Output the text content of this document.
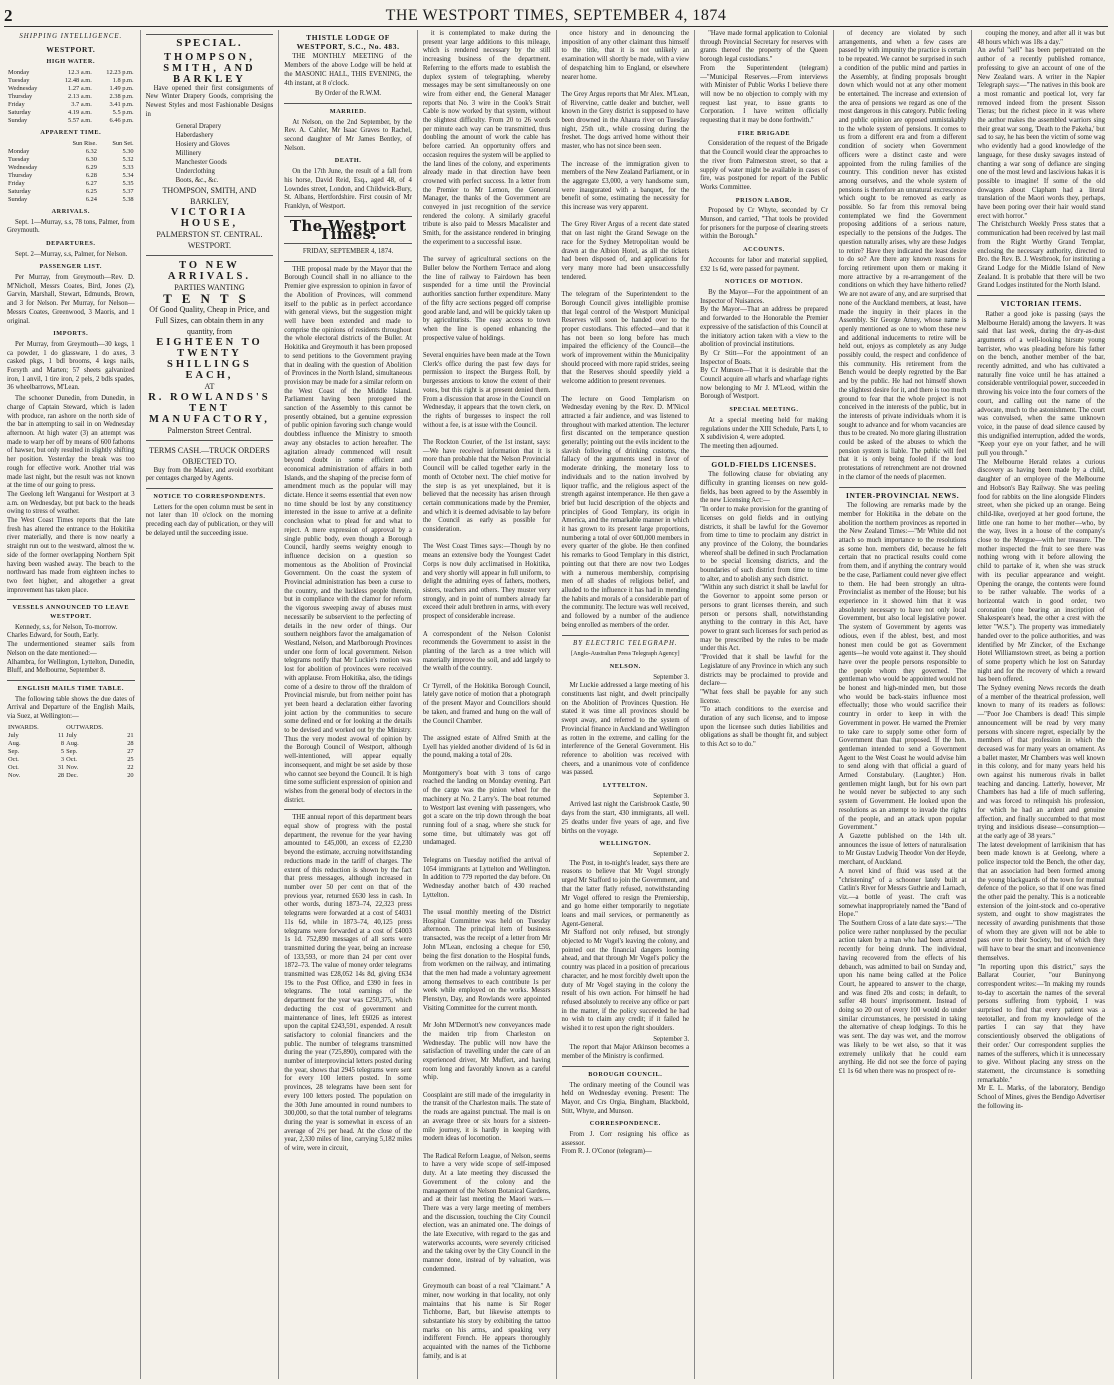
2	THE WESTPORT TIMES, SEPTEMBER 4, 1874
SHIPPING INTELLIGENCE.
WESTPORT.
HIGH WATER.
Monday	12.3 a.m.	12.23 p.m.
Tuesday	12.48 a.m.	1.8 p.m.
Wednesday	1.27 a.m.	1.49 p.m.
Thursday	2.13 a.m.	2.38 p.m.
Friday	3.7 a.m.	3.41 p.m.
Saturday	4.19 a.m.	5.5 p.m.
Sunday	5.57 a.m.	6.46 p.m.
APPARENT TIME.
	Sun Rise.	Sun Set.
Monday	6.32	5.30
Tuesday	6.30	5.32
Wednesday	6.29	5.33
Thursday	6.28	5.34
Friday	6.27	5.35
Saturday	6.25	5.37
Sunday	6.24	5.38
ARRIVALS.

Sept. 1—Murray, s.s, 78 tons, Palmer, from Greymouth.

DEPARTURES.

Sept. 2—Murray, s.s, Palmer, for Nelson.

PASSENGER LIST.

Per Murray, from Greymouth—Rev. D. M'Nicholl, Messrs Coates, Bird, Jones (2), Garvin, Marshall, Stewart, Edmunds, Brown, and 3 for Nelson. Per Murray, for Nelson—Messrs Coates, Greenwood, 3 Maoris, and 1 original.

IMPORTS.

Per Murray, from Greymouth—30 kegs, 1 ca powder, 1 do glassware, 1 do axes, 3 casked pkgs, 1 bdl brooms, 4 kegs nails, Forsyth and Marten; 57 sheets galvanized iron, 1 anvil, 1 tire iron, 2 pels, 2 bdls spades, 36 wheelbarrows, M'Lean.

The schooner Dunedin, from Dunedin, in charge of Captain Steward, which is laden with produce, ran ashore on the north side of the bar in attempting to sail in on Wednesday afternoon. At high water (3) an attempt was made to warp her off by means of 600 fathoms of hawser, but only resulted in slightly shifting her position. Yesterday the break was too rough for effective work. Another trial was made last night, but the result was not known at the time of our going to press.
The Geelong left Wanganui for Westport at 3 a.m. on Wednesday, but put back to the heads owing to stress of weather.
The West Coast Times reports that the late fresh has altered the entrance to the Hokitika river materially, and there is now nearly a straight run out to the westward, almost the w. side of the former overlapping Northern Spit having been washed away. The beach to the northward has made from eighteen inches to two feet higher, and altogether a great improvement has taken place.

VESSELS ANNOUNCED TO LEAVE WESTPORT.

Kennedy, s.s, for Nelson, To-morrow.
Charles Edward, for South, Early.
The undermentioned steamer sails from Nelson on the date mentioned:—
Alhambra, for Wellington, Lyttelton, Dunedin, Bluff, and Melbourne, September 8.

ENGLISH MAILS TIME TABLE.

The following table shows the due dates of Arrival and Departure of the English Mails, via Suez, at Wellington:—

INWARDS.		OUTWARDS.	
July	11	July	21
Aug.	8	Aug.	28
Sep.	5	Sep.	27
Oct.	3	Oct.	25
Oct.	31	Nov.	22
Nov.	28	Dec.	20
SPECIAL.
THOMPSON, SMITH, AND
BARKLEY

Have opened their first consignments of New Winter Drapery Goods, comprising the Newest Styles and most Fashionable Designs in

General Drapery
Haberdashery
Hosiery and Gloves
Millinery
Manchester Goods
Underclothing
Boots, &c., &c.
THOMPSON, SMITH, AND
BARKLEY,
VICTORIA HOUSE,
PALMERSTON ST. CENTRAL.
WESTPORT.
TO NEW ARRIVALS.
PARTIES WANTING
TENTS
Of Good Quality, Cheap in Price, and Full Sizes, can obtain them in any quantity, from
EIGHTEEN TO TWENTY
SHILLINGS EACH,
AT
R. ROWLANDS'S
TENT MANUFACTORY,
Palmerston Street Central.
TERMS CASH.—TRUCK ORDERS
OBJECTED TO.

Buy from the Maker, and avoid exorbitant per centages charged by Agents.

NOTICE TO CORRESPONDENTS.

Letters for the open column must be sent in not later than 10 o'clock on the morning preceding each day of publication, or they will be delayed until the succeeding issue.

THISTLE LODGE OF WESTPORT, S.C., No. 483.

THE MONTHLY MEETING of the Members of the above Lodge will be held at the MASONIC HALL, THIS EVENING, the 4th instant, at 8 o'clock.

By Order of the R.W.M.
MARRIED.

At Nelson, on the 2nd September, by the Rev. A. Cahler, Mr Isaac Graves to Rachel, second daughter of Mr James Bentley, of Nelson.

DEATH.

On the 17th June, the result of a fall from his horse, David Reid, Esq., aged 48, of 4 Lowndes street, London, and Childwick-Bury, St. Albans, Hertfordshire. First cousin of Mr Franklyn, of Westport.

The Westport Times.
FRIDAY, SEPTEMBER 4, 1874.

THE proposal made by the Mayor that the Borough Council shall in no alliance to the Premier give expression to opinion in favor of the Abolition of Provinces, will commend itself to the public as in perfect accordance with general views, but the suggestion might well have been extended and made to comprise the opinions of residents throughout the whole electoral districts of the Buller. At Hokitika and Greymouth it has been proposed to send petitions to the Government praying that in dealing with the question of Abolition of Provinces in the North Island, simultaneous provision may be made for a similar reform on the West Coast of the Middle Island. Parliament having been prorogued the sanction of the Assembly to this cannot be presently obtained, but a genuine expression of public opinion favoring such change would doubtless influence the Ministry to smooth away any obstacles to action hereafter. The agitation already commenced will result beyond doubt in some efficient and economical administration of affairs in both Islands, and the shaping of the precise form of amendment much as the popular will may dictate. Hence it seems essential that even now no time should be lost by any constituency interested in the issue to arrive at a definite conclusion what to plead for and what to reject. A mere expression of approval by a single public body, even though a Borough Council, hardly seems weighty enough to influence decision on a question so momentous as the Abolition of Provincial Government. On the coast the system of Provincial administration has been a curse to the country, and the luckless people therein, but in compliance with the clamor for reform the vigorous sweeping away of abuses must necessarily be subservient to the perfecting of details in the new order of things. Our southern neighbors favor the amalgamation of Westland, Nelson, and Marlborough Provinces under one form of local government. Nelson telegrams notify that Mr Luckie's motion was lost for abolition of provinces were received with applause. From Hokitika, also, the tidings come of a desire to throw off the thraldom of Provincial misrule, but from neither point has yet been heard a declaration either favoring joint action by the communities to secure some defined end or for looking at the details to be devised and worked out by the Ministry. Thus the very modest avowal of opinion by the Borough Council of Westport, although well-intentioned, will appear equally inconsequent, and might be set aside by those who cannot see beyond the Council. It is high time some sufficient expression of opinion and wishes from the general body of electors in the district.

THE annual report of this department bears equal show of progress with the postal department, the revenue for the year having amounted to £45,000, an excess of £2,230 beyond the estimate, accruing notwithstanding reductions made in the tariff of charges. The extent of this reduction is shown by the fact that press messages, although increased in number over 50 per cent on that of the previous year, returned £630 less in cash. In other words, during 1873–74, 22,323 press telegrams were forwarded at a cost of £4031 11s 6d, while in 1873–74, 40,125 press telegrams were forwarded at a cost of £4003 1s 1d. 752,890 messages of all sorts were transmitted during the year, being an increase of 133,593, or more than 24 per cent over 1872–73. The value of money order telegrams transmitted was £28,052 14s 8d, giving £634 19s to the Post Office, and £390 in fees in telegrams. The total earnings of the department for the year was £250,375, which deducting the cost of government and maintenance of lines, left £6026 as interest upon the capital £243,591, expended. A result satisfactory to colonial financiers and the public. The number of telegrams transmitted during the year (725,890), compared with the number of interprovincial letters posted during the year, shows that 2945 telegrams were sent for every 100 letters posted. In some provinces, 28 telegrams have been sent for every 100 letters posted. The population on the 30th June amounted in round numbers to 300,000, so that the total number of telegrams during the year is somewhat in excess of an average of 2½ per head. At the close of the year, 2,330 miles of line, carrying 5,182 miles of wire, were in circuit,

it is contemplated to make during the present year large additions to this mileage, which is rendered necessary by the still increasing business of the department. Referring to the efforts made to establish the duplex system of telegraphing, whereby messages may be sent simultaneously on one wire from either end, the General Manager reports that No. 3 wire in the Cook's Strait Cable is now worked by that system, without the slightest difficulty. From 20 to 26 words per minute each way can be transmitted, thus doubling the amount of work the cable has before carried. An opportunity offers and occasion requires the system will be applied to the land lines of the colony, and experiments already made in that direction have been crowned with perfect success. In a letter from the Premier to Mr Lemon, the General Manager, the thanks of the Government are conveyed in just recognition of the service rendered the colony. A similarly graceful tribute is also paid to Messrs Macalister and Smith, for the assistance rendered in bringing the experiment to a successful issue.

The survey of agricultural sections on the Buller below the Northern Terrace and along the line of railway to Fairdown has been suspended for a time until the Provincial authorities sanction further expenditure. Many of the fifty acre sections pegged off comprise good arable land, and will be quickly taken up by agriculturists. The easy access to town when the line is opened enhancing the prospective value of holdings.

Several enquiries have been made at the Town Clerk's office during the past few days for permission to inspect the Burgess Roll, by burgesses anxious to know the extent of their votes, but this right is at present denied them. From a discussion that arose in the Council on Wednesday, it appears that the town clerk, on the rights of burgesses to inspect the roll without a fee, is at issue with the Council.

The Rockton Courier, of the 1st instant, says:—We have received information that it is more than probable that the Nelson Provincial Council will be called together early in the month of October next. The chief motive for the step is as yet unexplained, but it is believed that the necessity has arisen through certain communications made by the Premier, and which it is deemed advisable to lay before the Council as early as possible for consideration.

The West Coast Times says:—Though by no means an extensive body the Youngest Cadet Corps is now duly acclimatised in Hokitika, and very shortly will appear in full uniform, to delight the admiring eyes of fathers, mothers, sisters, teachers and others. They muster very strongly, and in point of numbers already far exceed their adult brethren in arms, with every prospect of considerable increase.

A correspondent of the Nelson Colonist recommends the Government to assist in the planting of the larch as a tree which will materially improve the soil, and add largely to the wealth of the country.

Cr Tyrrell, of the Hokitika Borough Council, lately gave notice of motion that a photograph of the present Mayor and Councillors should be taken, and framed and hung on the wall of the Council Chamber.

The assigned estate of Alfred Smith at the Lyell has yielded another dividend of 1s 6d in the pound, making a total of 20s.

Montgomery's boat with 3 tons of cargo reached the landing on Monday evening. Part of the cargo was the pinion wheel for the machinery at No. 2 Larry's. The boat returned to Westport last evening with passengers, who got a scare on the trip down through the boat running foul of a snag, where she stuck for some time, but ultimately was got off undamaged.

Telegrams on Tuesday notified the arrival of 1054 immigrants at Lyttelton and Wellington. In addition to 779 reported the day before. On Wednesday another batch of 430 reached Lyttelton.

The usual monthly meeting of the District Hospital Committee was held on Tuesday afternoon. The principal item of business transacted, was the receipt of a letter from Mr John M'Lean, enclosing a cheque for £50, being the first donation to the Hospital funds, from workmen on the railway, and intimating that the men had made a voluntary agreement among themselves to each contribute 1s per week while employed on the works. Messrs Plenstyn, Day, and Rowlands were appointed Visiting Committee for the current month.

Mr John M'Dermott's new conveyances made the maiden trip from Charleston on Wednesday. The public will now have the satisfaction of travelling under the care of an experienced driver, Mr Muffert, and having room long and favorably known as a careful whip.

Coosplaint are still made of the irregularity in the transit of the Charleston mails. The state of the roads are against punctual. The mail is on an average three or six hours for a sixteen-mile journey, it is hardly in keeping with modern ideas of locomotion.

The Radical Reform League, of Nelson, seems to have a very wide scope of self-imposed duty. At a late meeting they discussed the Government of the colony and the management of the Nelson Botanical Gardens, and at their last meeting the Maori wars.—There was a very large meeting of members and the discussion, touching the City Council election, was an animated one. The doings of the late Executive, with regard to the gas and waterworks accounts, were severely criticised and the taking over by the City Council in the manner done, instead of by valuation, was condemned.

Greymouth can boast of a real "Claimant." A miner, now working in that locality, not only maintains that his name is Sir Roger Tichborne, Bart, but likewise attempts to substantiate his story by exhibiting the tattoo marks on his arms, and speaking very indifferent French. He appears thoroughly acquainted with the names of the Tichborne family, and is at

once history and in denouncing the imposition of any other claimant thus himself to the title, that it is not unlikely an examination will shortly be made, with a view of despatching him to England, or elsewhere nearer home.

The Grey Argus reports that Mr Alex. M'Lean, of Rivervine, cattle dealer and butcher, well known in the Grey district is supposed to have been drowned in the Ahaura river on Tuesday night, 25th ult., while crossing during the freshet. The dogs arrived home without their master, who has not since been seen.

The increase of the immigration given to members of the New Zealand Parliament, or in the aggregate £3,000, a very handsome sum, were inaugurated with a banquet, for the benefit of some, estimating the necessity for this increase was very apparent.

The Grey River Argus of a recent date stated that on last night the Grand Sewage on the race for the Sydney Metropolitan would be drawn at the Albion Hotel, as all the tickets had been disposed of, and applications for very many more had been unsuccessfully tendered.

The telegram of the Superintendent to the Borough Council gives intelligible promise that legal control of the Westport Municipal Reserves will soon be handed over to the proper custodians. This effected—and that it has not been so long before has much impaired the efficiency of the Council—the work of improvement within the Municipality should proceed with more rapid strides, seeing that the Reserves should speedily yield a welcome addition to present revenues.

The lecture on Good Templarism on Wednesday evening by the Rev. D. M'Nicol attracted a fair audience, and was listened to throughout with marked attention. The lecturer first discanted on the temperance question generally; pointing out the evils incident to the slavish following of drinking customs, the fallacy of the arguments used in favor of moderate drinking, the monetary loss to individuals and to the nation involved by liquor traffic, and the religious aspect of the strength against intemperance. He then gave a brief but lucid description of the objects and principles of Good Templary, its origin in America, and the remarkable manner in which it has grown to its present large proportions, numbering a total of over 600,000 members in every quarter of the globe. He then confined his remarks to Good Templary in this district, pointing out that there are now two Lodges with a numerous membership, comprising men of all shades of religious belief, and alluded to the influence it has had in mending the habits and morals of a considerable part of the community. The lecture was well received, and followed by a number of the audience being enrolled as members of the order.

BY ELECTRIC TELEGRAPH.
[Anglo-Australian Press Telegraph Agency]
NELSON.
September 3.

Mr Luckie addressed a large meeting of his constituents last night, and dwelt principally on the Abolition of Provinces Question. He stated it was time all provinces should be swept away, and referred to the system of Provincial finance in Auckland and Wellington as rotten in the extreme, and calling for the interference of the General Government. His reference to abolition was received with cheers, and a unanimous vote of confidence was passed.

LYTTELTON.
September 3.

Arrived last night the Carisbrook Castle, 90 days from the start, 430 immigrants, all well. 25 deaths under five years of age, and five births on the voyage.

WELLINGTON.
September 2.

The Post, in to-night's leader, says there are reasons to believe that Mr Vogel strongly urged Mr Stafford to join the Government, and that the latter flatly refused, notwithstanding Mr Vogel offered to resign the Premiership, and go home either temporarily to negotiate loans and mail services, or permanently as Agent-General.
Mr Stafford not only refused, but strongly objected to Mr Vogel's leaving the colony, and pointed out the financial dangers looming ahead, and that through Mr Vogel's policy the country was placed in a position of precarious character, and he most forcibly dwelt upon the duty of Mr Vogel staying in the colony the result of his own action. For himself he had refused absolutely to receive any office or part in the matter, if the policy succeeded he had no wish to claim any credit; if it failed he wished it to rest upon the right shoulders.

September 3.

The report that Major Atkinson becomes a member of the Ministry is confirmed.

BOROUGH COUNCIL.

The ordinary meeting of the Council was held on Wednesday evening. Present: The Mayor, and Crs Orgia, Bingham, Blackbold, Stitt, Whyte, and Munson.

CORRESPONDENCE.

From J. Corr resigning his office as assessor.
From R. J. O'Conor (telegram)—

"Have made formal application to Colonial through Provincial Secretary for reserves with grants thereof the property of the Queen borough legal custodians."
From the Superintendent (telegram)—"Municipal Reserves.—From interviews with Minister of Public Works I believe there will now be no objection to comply with my request last year, to issue grants to Corporation. I have written officially requesting that it may be done forthwith."

FIRE BRIGADE

Consideration of the request of the Brigade that the Council would clear the approaches to the river from Palmerston street, so that a supply of water might be available in cases of fire, was postponed for report of the Public Works Committee.

PRISON LABOR.

Proposed by Cr Whyte, seconded by Cr Munson, and carried, "That tools be provided for prisoners for the purpose of clearing streets within the Borough."

ACCOUNTS.

Accounts for labor and material supplied, £32 1s 6d, were passed for payment.

NOTICES OF MOTION.

By the Mayor—For the appointment of an Inspector of Nuisances.
By the Mayor—That an address be prepared and forwarded to the Honorable the Premier expressive of the satisfaction of this Council at the initiatory action taken with a view to the abolition of provincial institutions.
By Cr Stitt—For the appointment of an Inspector of Boats.
By Cr Munson—That it is desirable that the Council acquire all wharfs and wharfage rights now belonging to Mr J. M'Leod, within the Borough of Westport.

SPECIAL MEETING.

At a special meeting held for making regulations under the XIII Schedule, Parts I, to X subdivision 4, were adopted.
The meeting then adjourned.

GOLD-FIELDS LICENSES.

The following clause for obviating any difficulty in granting licenses on new gold-fields, has been agreed to by the Assembly in the new Licensing Act:—
"In order to make provision for the granting of licenses on gold fields and in outlying districts, it shall be lawful for the Governor from time to time to proclaim any district in any province of the Colony, the boundaries whereof shall be defined in such Proclamation to be special licensing districts, and the boundaries of such district from time to time to alter, and to abolish any such district.
"Within any such district it shall be lawful for the Governor to appoint some person or persons to grant licenses therein, and such person or persons shall, notwithstanding anything to the contrary in this Act, have power to grant such licenses for such period as may be prescribed by the rules to be made under this Act.
"Provided that it shall be lawful for the Legislature of any Province in which any such districts may be proclaimed to provide and declare—
"What fees shall be payable for any such license.
"To attach conditions to the exercise and duration of any such license, and to impose upon the licensee such duties liabilities and obligations as shall be thought fit, and subject to this Act so to do."

of decency are violated by such arrangements, and when a few cases are passed by with impunity the practice is certain to be repeated. We cannot be surprised in such a condition of the public mind and parties in the Assembly, at finding proposals brought down which would not at any other moment be entertained. The increase and extension of the area of pensions we regard as one of the most dangerous in this category. Public feeling and public opinion are opposed unmistakably to the whole system of pensions. It comes to us from a different era and from a different condition of society when Government officers were a distinct caste and were appointed from the ruling families of the country. This condition never has existed among ourselves, and the whole system of pensions is therefore an unnatural excrescence which ought to be removed as early as possible. So far from this removal being contemplated we find the Government proposing additions of a serious nature, especially to the pensions of the Judges. The question naturally arises, why are these Judges to retire? Have they indicated the least desire to do so? Are there any known reasons for forcing retirement upon them or making it more attractive by a re-arrangement of the conditions on which they have hitherto relied? We are not aware of any, and are surprised that none of the Auckland members, at least, have made the inquiry in their places in the Assembly. Sir George Arney, whose name is openly mentioned as one to whom these new and additional inducements to retire will be held out, enjoys as completely as any Judge possibly could, the respect and confidence of this community. His retirement from the Bench would be deeply regretted by the Bar and by the public. He had not himself shown the slightest desire for it, and there is too much ground to fear that the whole project is not conceived in the interests of the public, but in the interests of private individuals whom it is sought to advance and for whom vacancies are thus to be created. No more glaring illustration could be asked of the abuses to which the pension system is liable. The public will feel that it is only being fooled if the loud protestations of retrenchment are not drowned in the clamor of the needs of placemen.

INTER-PROVINCIAL NEWS.

The following are remarks made by the member for Hokitika in the debate on the abolition the northern provinces as reported in the New Zealand Times:—"Mr White did not attach so much importance to the resolutions as some hon. members did, because he felt certain that no practical results could come from them, and if anything the contrary would be the case, Parliament could never give effect to them. He had been strongly an ultra-Provincialist as member of the House; but his experience in it showed him that it was absolutely necessary to have not only local Government, but also local legislative power. The system of Government by agents was odious, even if the ablest, best, and most honest men could be got as Government agents—he would vote against it. They should have over the people persons responsible to the people whom they governed. The gentleman who would be appointed would not be honest and high-minded men, but those who would be back-stairs influence most effectually; those who would sacrifice their country in order to keep in with the Government in power. He warned the Premier to take care to supply some other form of Government than that proposed. If the hon. gentleman intended to send a Government Agent to the West Coast he would advise him to send along with that official a guard of Armed Constabulary. (Laughter.) Hon. gentlemen might laugh, but for his own part he would never be subjected to any such system of Government. He looked upon the resolutions as an attempt to invade the rights of the people, and an attack upon popular Government."
A Gazette published on the 14th ult. announces the issue of letters of naturalisation to Mr Gustav Ludwig Theodor Von der Heyde, merchant, of Auckland.
A novel kind of fluid was used at the "christening" of a schooner lately built at Catlin's River for Messrs Guthrie and Larnach, viz.—a bottle of yeast. The craft was somewhat inappropriately named the "Band of Hope."
The Southern Cross of a late date says:—"The police were rather nonplussed by the peculiar action taken by a man who had been arrested recently for being drunk. The individual, having recovered from the effects of his debauch, was admitted to bail on Sunday and, upon his name being called at the Police Court, he appeared to answer to the charge, and was fined 20s and costs; in default, to suffer 48 hours' imprisonment. Instead of doing so 20 out of every 100 would do under similar circumstances, he persisted in taking the alternative of cheap lodgings. To this he was sent. The day was wet, and the morrow was likely to be wet also, so that it was extremely unlikely that he could earn anything. He did not see the force of paying £1 1s 6d when there was no prospect of re-

couping the money, and after all it was but 48 hours which was 18s a day."
An awful "sell" has been perpetrated on the author of a recently published romance, professing to give an account of one of the New Zealand wars. A writer in the Napier Telegraph says:—"The natives in this book are a most romantic and poetical lot, very far removed indeed from the present Sisson Tieras; but the richest piece in it was where the author makes the assembled warriors sing their great war song, 'Death to the Pakeha,' but sad to say, he has been the victim of some wag who evidently had a good knowledge of the language, for these dusky savages instead of chanting a war song of defiance are singing one of the most lewd and lascivious hakas it is possible to imagine! If some of the old dowagers about Clapham had a literal translation of the Maori words they, perhaps, have been poring over their hair would stand erect with horror."
The Christchurch Weekly Press states that a communication had been received by last mail from the Right Worthy Grand Templar, enclosing the necessary authority, directed to Bro. the Rev. B. J. Westbrook, for instituting a Grand Lodge for the Middle Island of New Zealand. It is probable that there will be two Grand Lodges instituted for the North Island.

VICTORIAN ITEMS.

Rather a good joke is passing (says the Melbourne Herald) among the lawyers. It was said that last week, during the dry-as-dust arguments of a well-looking hirsute young barrister, who was pleading before his father on the bench, another member of the bar, recently admitted, and who has cultivated a naturally fine voice until he has attained a considerable ventriloquial power, succeeded in throwing his voice into the four corners of the court, and calling out the name of the advocate, much to the astonishment. The court was convulsed, when the same unknown voice, in the pause of dead silence caused by this undignified interruption, added the words, "Keep your eye on your father, and he will pull you through."
The Melbourne Herald relates a curious discovery as having been made by a child, daughter of an employee of the Melbourne and Hobson's Bay Railway. She was peeling food for rabbits on the line alongside Flinders street, when she picked up an orange. Being child-like, overjoyed at her good fortune, the little one ran home to her mother—who, by the way, lives in a house of the company's close to the Morgue—with her treasure. The mother inspected the fruit to see there was nothing wrong with it before allowing the child to partake of it, when she was struck with its peculiar appearance and weight. Opening the orange, the contents were found to be rather valuable. The works of a horizontal watch in good order, two coronation (one bearing an inscription of Shakespeare's head, the other a crest with the letter "W.S."). The property was immediately handed over to the police authorities, and was identified by Mr Zincker, of the Exchange Hotel Williamstown street, as being a portion of some property which he lost on Saturday night and for the recovery of which a reward has been offered.
The Sydney evening News records the death of a member of the theatrical profession, well known to many of its readers as follows:—"Poor Joe Chambers is dead! This simple announcement will be read by very many persons with sincere regret, especially by the members of that profession in which the deceased was for many years an ornament. As a ballet master, Mr Chambers was well known in this colony, and for many years held his own against his numerous rivals in ballet teaching and dancing. Latterly, however, Mr Chambers has had a life of much suffering, and was forced to relinquish his profession, for which he had an ardent and genuine affection, and finally succumbed to that most trying and insidious disease—consumption—at the early age of 38 years."
The latest development of larrikinism that has been made known is at Geelong, where a police inspector told the Bench, the other day, that an association had been formed among the young blackguards of the town for mutual defence of the police, so that if one was fined the other paid the penalty. This is a noticeable extension of the joint-stock and co-operative system, and ought to show magistrates the necessity of awarding punishments that those of whom they are given will not be able to pass over to their Society, but of which they will have to bear the smart and inconvenience themselves.
"In reporting upon this district," says the Ballarat Courier, "our Buninyong correspondent writes:—'In making my rounds to-day to ascertain the names of the several persons suffering from typhoid, I was surprised to find that every patient was a teetotaller, and from my knowledge of the parties I can say that they have conscientiously observed the obligations of their order.' Our correspondent supplies the names of the sufferers, which it is unnecessary to give. Without placing any stress on the statement, the circumstance is something remarkable."
Mr E. L. Marks, of the laboratory, Bendigo School of Mines, gives the Bendigo Advertiser the following in-
